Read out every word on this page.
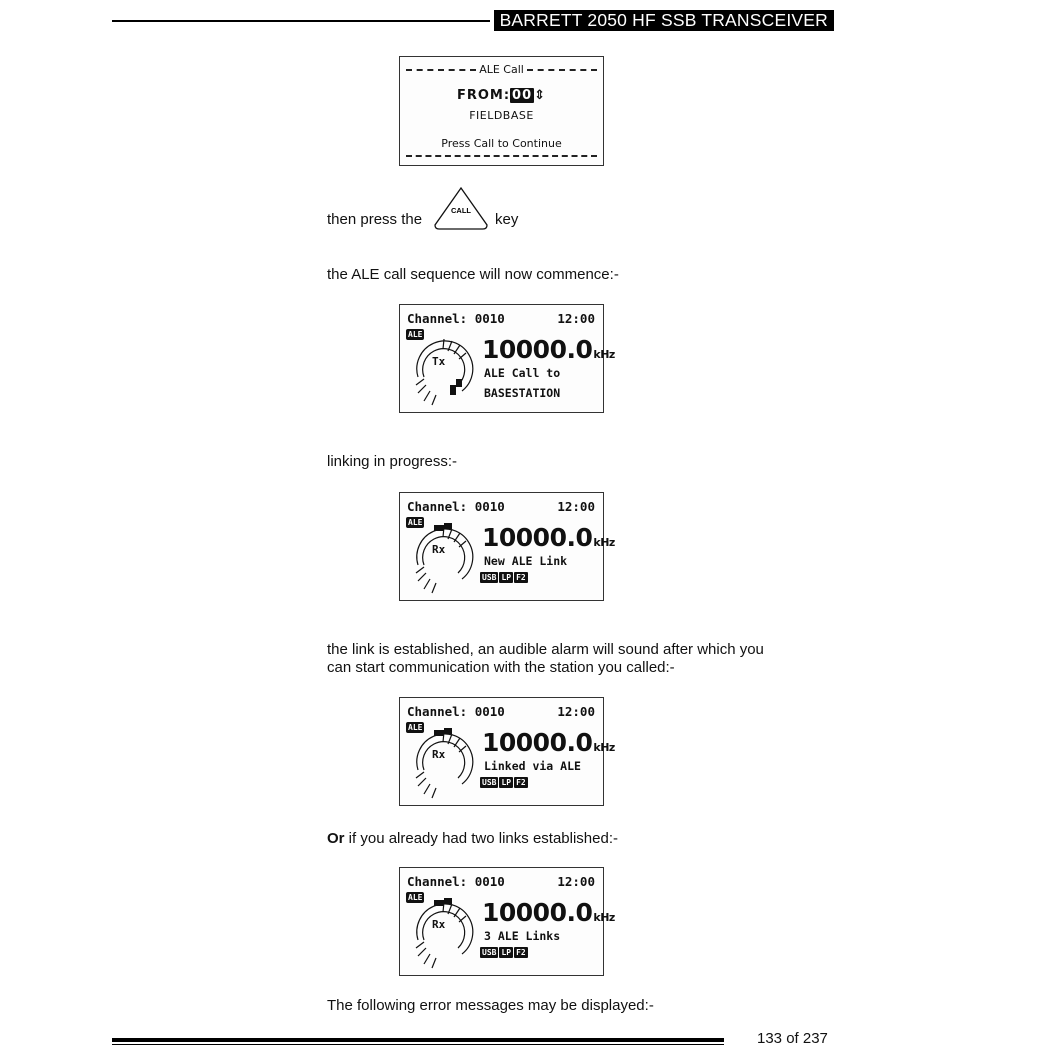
BARRETT 2050 HF SSB TRANSCEIVER
ALE Call
FROM: 00 ⇕
FIELDBASE
Press Call to Continue
then press the
CALL
key
the ALE call sequence will now commence:-
Channel: 0010	12:00
ALE
Tx 10000.0kHz
ALE Call to
BASESTATION
linking in progress:-
Channel: 0010	12:00
ALE
Rx 10000.0kHz
New ALE Link
USB LP F2
the link is established, an audible alarm will sound after which you
can start communication with the station you called:-
Channel: 0010	12:00
ALE
Rx 10000.0kHz
Linked via ALE
USB LP F2
Or if you already had two links established:-
Channel: 0010	12:00
ALE
Rx 10000.0kHz
3 ALE Links
USB LP F2
The following error messages may be displayed:-
133 of 237
